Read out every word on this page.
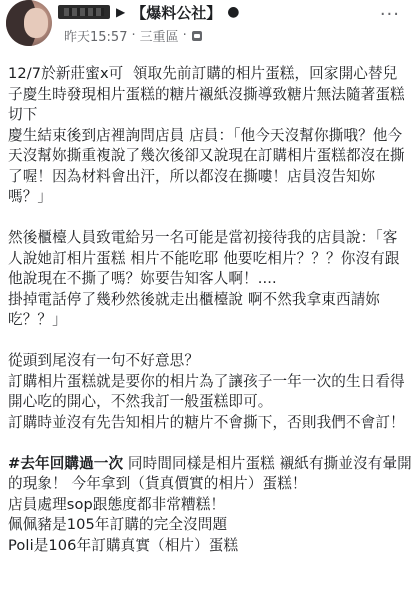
▶ 【爆料公社】 ●	···
昨天15:57 · 三重區 ·

12/7於新莊蜜x可  領取先前訂購的相片蛋糕，回家開心替兒子慶生時發現相片蛋糕的糖片襯紙沒撕導致糖片無法隨著蛋糕切下
慶生結束後到店裡詢問店員 店員：「他今天沒幫你撕哦？他今天沒幫妳撕重複說了幾次後卻又說現在訂購相片蛋糕都沒在撕了喔！因為材料會出汗，所以都沒在撕嘍！店員沒告知妳嗎？」

然後櫃檯人員致電給另一名可能是當初接待我的店員說：「客人說她訂相片蛋糕 相片不能吃耶 他要吃相片？？？你沒有跟他說現在不撕了嗎？妳要告知客人啊！....
掛掉電話停了幾秒然後就走出櫃檯說 啊不然我拿東西請妳吃？？」

從頭到尾沒有一句不好意思？
訂購相片蛋糕就是要你的相片為了讓孩子一年一次的生日看得開心吃的開心，不然我訂一般蛋糕即可。
訂購時並沒有先告知相片的糖片不會撕下，否則我們不會訂！

#去年回購過一次 同時間同樣是相片蛋糕 襯紙有撕並沒有暈開的現象！ 今年拿到（貨真價實的相片）蛋糕！
店員處理sop跟態度都非常糟糕！
佩佩豬是105年訂購的完全沒問題
Poli是106年訂購真實（相片）蛋糕
